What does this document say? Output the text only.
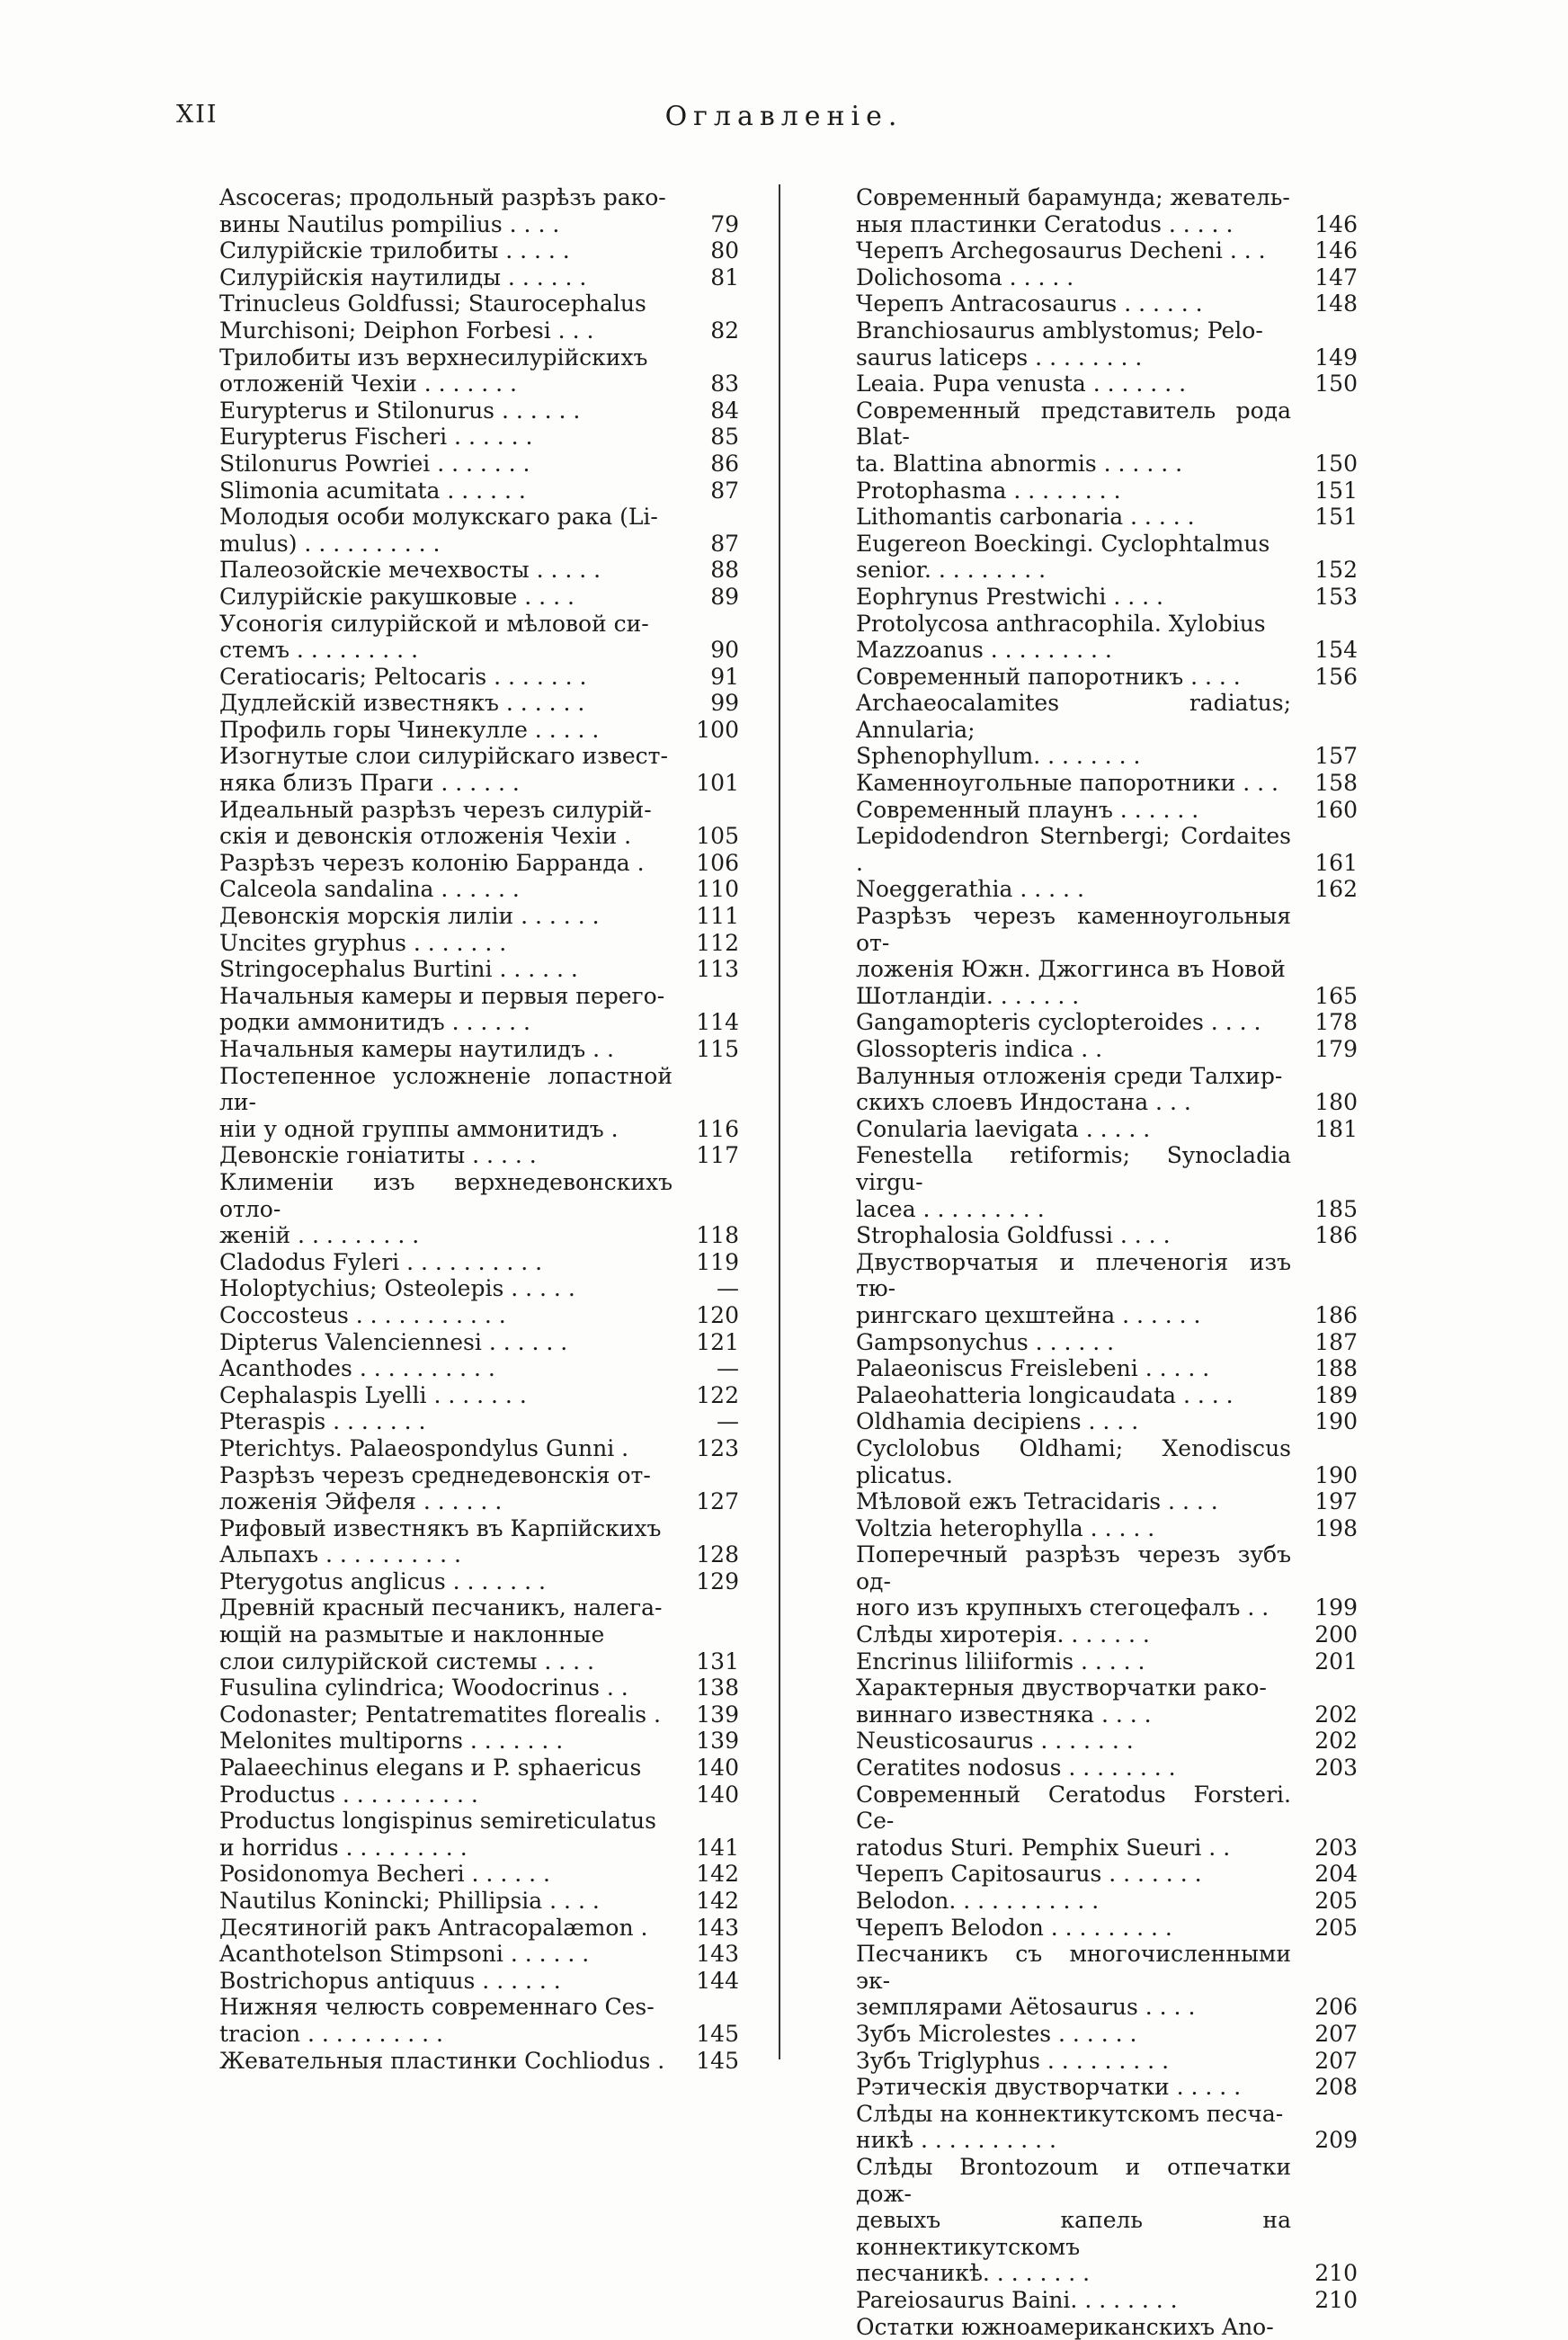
XII	Оглавленіе.
Ascoceras; продольный разрѣзъ рако-
вины Nautilus pompilius . . . .	79
Силурійскіе трилобиты . . . . .	80
Силурійскія наутилиды . . . . . .	81
Trinucleus Goldfussi; Staurocephalus
Murchisoni; Deiphon Forbesi . . .	82
Трилобиты изъ верхнесилурійскихъ
отложеній Чехіи . . . . . . .	83
Eurypterus и Stilonurus . . . . . .	84
Eurypterus Fischeri . . . . . .	85
Stilonurus Powriei . . . . . . .	86
Slimonia acumitata . . . . . .	87
Молодыя особи молукскаго рака (Li-
mulus) . . . . . . . . . .	87
Палеозойскіе мечехвосты . . . . .	88
Силурійскіе ракушковые . . . .	89
Усоногія силурійской и мѣловой си-
стемъ . . . . . . . . .	90
Ceratiocaris; Peltocaris . . . . . . .	91
Дудлейскій известнякъ . . . . . .	99
Профиль горы Чинекулле . . . . .	100
Изогнутые слои силурійскаго извест-
няка близъ Праги . . . . . .	101
Идеальный разрѣзъ черезъ силурій-
скія и девонскія отложенія Чехіи .	105
Разрѣзъ черезъ колонію Барранда .	106
Calceola sandalina . . . . . .	110
Девонскія морскія лиліи . . . . . .	111
Uncites gryphus . . . . . . .	112
Stringocephalus Burtini . . . . . .	113
Начальныя камеры и первыя перего-
родки аммонитидъ . . . . . .	114
Начальныя камеры наутилидъ . .	115
Постепенное усложненіе лопастной ли-
ніи у одной группы аммонитидъ .	116
Девонскіе гоніатиты . . . . .	117
Клименіи изъ верхнедевонскихъ отло-
женій . . . . . . . . .	118
Cladodus Fyleri . . . . . . . . . .	119
Holoptychius; Osteolepis . . . . .	—
Coccosteus . . . . . . . . . . .	120
Dipterus Valenciennesi . . . . . .	121
Acanthodes . . . . . . . . . .	—
Cephalaspis Lyelli . . . . . . .	122
Pteraspis . . . . . . .	—
Pterichtys. Palaeospondylus Gunni .	123
Разрѣзъ черезъ среднедевонскія от-
ложенія Эйфеля . . . . . .	127
Рифовый известнякъ въ Карпійскихъ
Альпахъ . . . . . . . . . .	128
Pterygotus anglicus . . . . . . .	129
Древній красный песчаникъ, налега-
ющій на размытые и наклонные
слои силурійской системы . . . .	131
Fusulina cylindrica; Woodocrinus . .	138
Codonaster; Pentatrematites florealis .	139
Melonites multiporns . . . . . . .	139
Palaeechinus elegans и P. sphaericus	140
Productus . . . . . . . . . .	140
Productus longispinus semireticulatus
и horridus . . . . . . . . .	141
Posidonomya Becheri . . . . . .	142
Nautilus Konincki; Phillipsia . . . .	142
Десятиногій ракъ Antracopalæmon .	143
Acanthotelson Stimpsoni . . . . . .	143
Bostrichopus antiquus . . . . . .	144
Нижняя челюсть современнаго Ces-
tracion . . . . . . . . . .	145
Жевательныя пластинки Cochliodus .	145
Современный барамунда; жеватель-
ныя пластинки Ceratodus . . . . .	146
Черепъ Archegosaurus Decheni . . .	146
Dolichosoma . . . . .	147
Черепъ Antracosaurus . . . . . .	148
Branchiosaurus amblystomus; Pelo-
saurus laticeps . . . . . . . .	149
Leaia. Pupa venusta . . . . . . .	150
Современный представитель рода Blat-
ta. Blattina abnormis . . . . . .	150
Protophasma . . . . . . . .	151
Lithomantis carbonaria . . . . .	151
Eugereon Boeckingi. Cyclophtalmus
senior. . . . . . . . .	152
Eophrynus Prestwichi . . . .	153
Protolycosa anthracophila. Xylobius
Mazzoanus . . . . . . . . .	154
Современный папоротникъ . . . .	156
Archaeocalamites radiatus; Annularia;
Sphenophyllum. . . . . . . .	157
Каменноугольные папоротники . . .	158
Современный плаунъ . . . . . .	160
Lepidodendron Sternbergi; Cordaites .	161
Noeggerathia . . . . .	162
Разрѣзъ черезъ каменноугольныя от-
ложенія Южн. Джоггинса въ Новой
Шотландіи. . . . . . .	165
Gangamopteris cyclopteroides . . . .	178
Glossopteris indica . .	179
Валунныя отложенія среди Талхир-
скихъ слоевъ Индостана . . .	180
Conularia laevigata . . . . .	181
Fenestella retiformis; Synocladia virgu-
lacea . . . . . . . . .	185
Strophalosia Goldfussi . . . .	186
Двустворчатыя и плеченогія изъ тю-
рингскаго цехштейна . . . . . .	186
Gampsonychus . . . . . .	187
Palaeoniscus Freislebeni . . . . .	188
Palaeohatteria longicaudata . . . .	189
Oldhamia decipiens . . . .	190
Cyclolobus Oldhami; Xenodiscus plicatus.	190
Мѣловой ежъ Tetracidaris . . . .	197
Voltzia heterophylla . . . . .	198
Поперечный разрѣзъ черезъ зубъ од-
ного изъ крупныхъ стегоцефалъ . .	199
Слѣды хиротерія. . . . . . .	200
Encrinus liliiformis . . . . .	201
Характерныя двустворчатки рако-
виннаго известняка . . . .	202
Neusticosaurus . . . . . . .	202
Ceratites nodosus . . . . . . . .	203
Современный Ceratodus Forsteri. Ce-
ratodus Sturi. Pemphix Sueuri . .	203
Черепъ Capitosaurus . . . . . . .	204
Belodon. . . . . . . . . . .	205
Черепъ Belodon . . . . . . . . .	205
Песчаникъ съ многочисленными эк-
земплярами Aëtosaurus . . . .	206
Зубъ Microlestes . . . . . .	207
Зубъ Triglyphus . . . . . . . . .	207
Рэтическія двустворчатки . . . . .	208
Слѣды на коннектикутскомъ песча-
никѣ . . . . . . . . . .	209
Слѣды Brontozoum и отпечатки дож-
девыхъ капель на коннектикутскомъ
песчаникѣ. . . . . . . .	210
Pareiosaurus Baini. . . . . . . .	210
Остатки южноамериканскихъ Ano-
